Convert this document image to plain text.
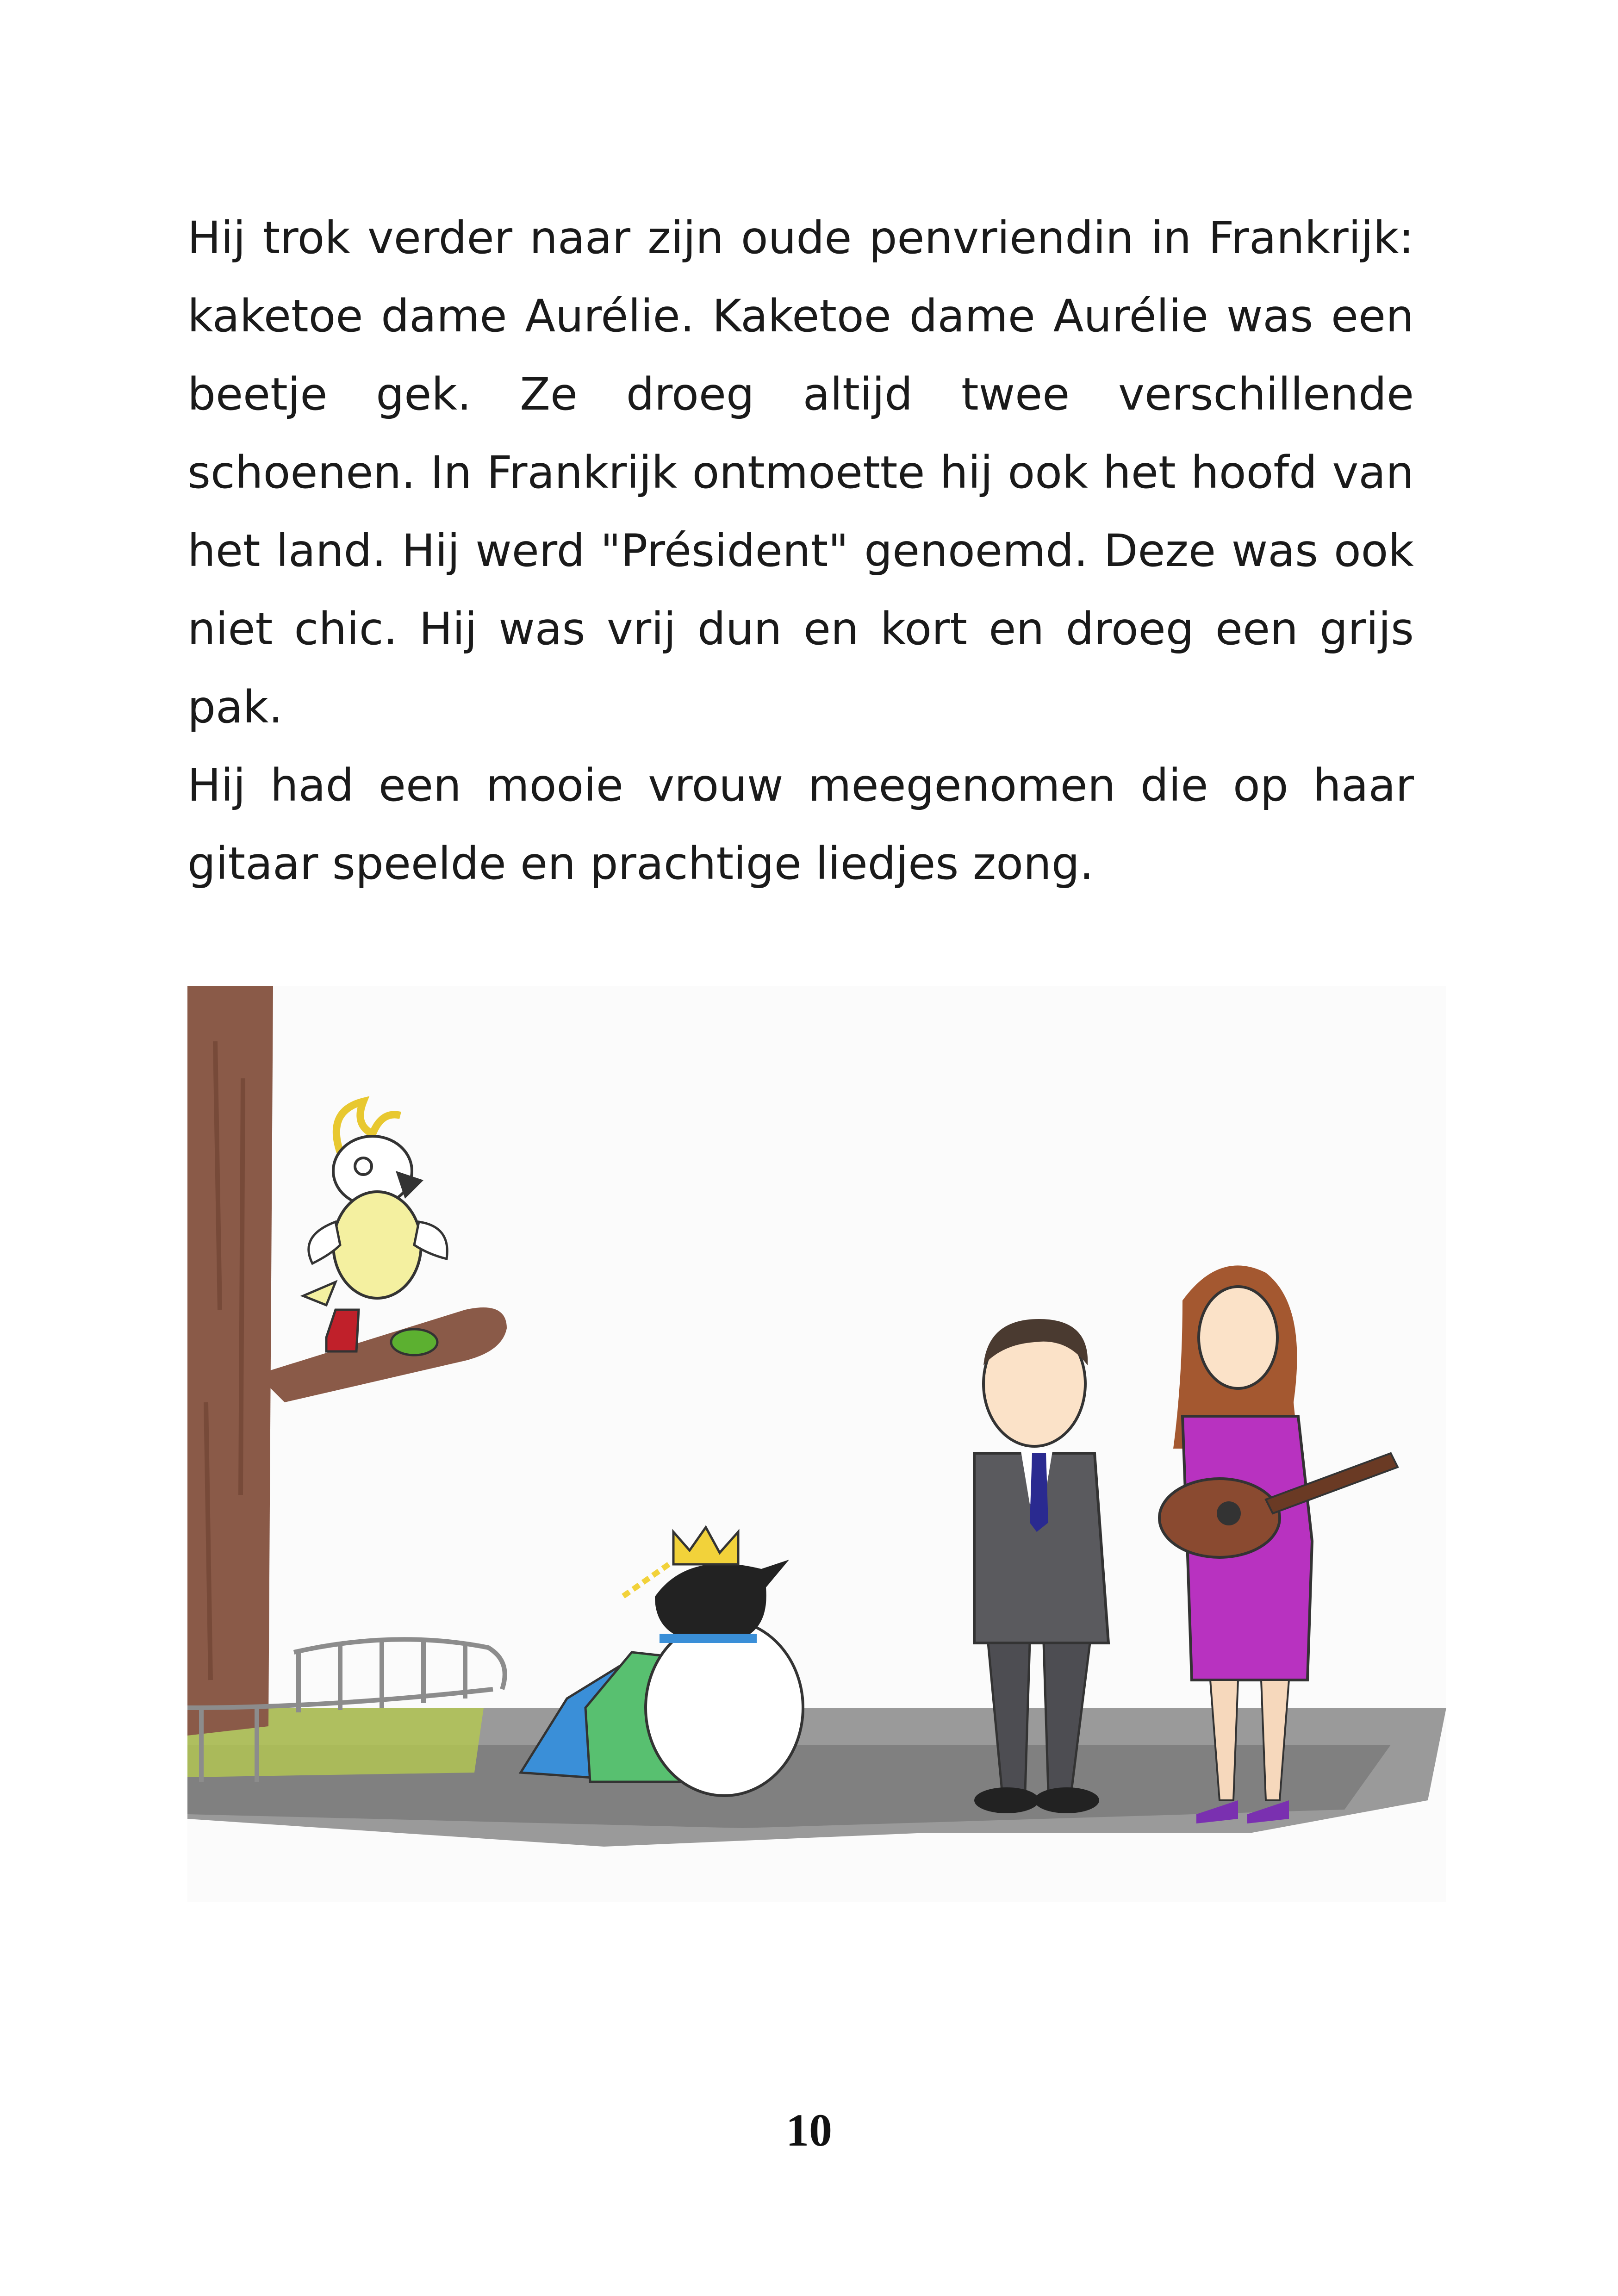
Hij trok verder naar zijn oude penvriendin in Frankrijk:
kaketoe dame Aurélie. Kaketoe dame Aurélie was een
beetje gek. Ze droeg altijd twee verschillende
schoenen. In Frankrijk ontmoette hij ook het hoofd van
het land. Hij werd "Président" genoemd. Deze was ook
niet chic. Hij was vrij dun en kort en droeg een grijs pak.
Hij had een mooie vrouw meegenomen die op haar
gitaar speelde en prachtige liedjes zong.
10
